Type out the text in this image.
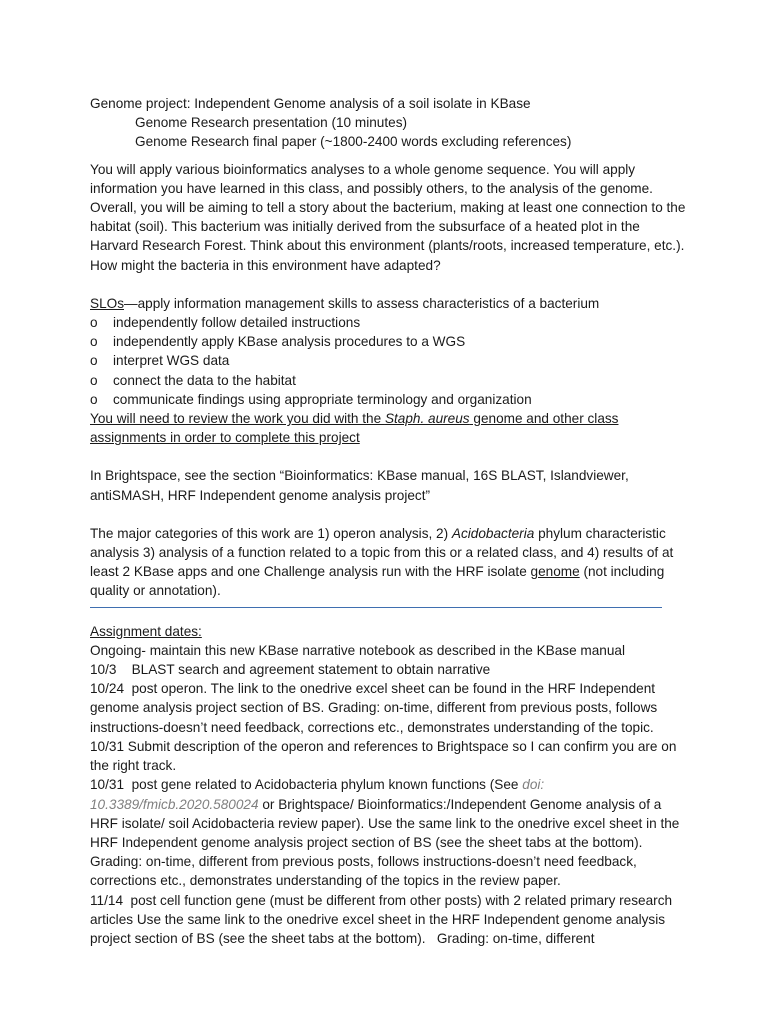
Genome project: Independent Genome analysis of a soil isolate in KBase
Genome Research presentation (10 minutes)
Genome Research final paper (~1800-2400 words excluding references)

You will apply various bioinformatics analyses to a whole genome sequence. You will apply information you have learned in this class, and possibly others, to the analysis of the genome. Overall, you will be aiming to tell a story about the bacterium, making at least one connection to the habitat (soil). This bacterium was initially derived from the subsurface of a heated plot in the Harvard Research Forest. Think about this environment (plants/roots, increased temperature, etc.). How might the bacteria in this environment have adapted?

SLOs—apply information management skills to assess characteristics of a bacterium
o	independently follow detailed instructions
o	independently apply KBase analysis procedures to a WGS
o	interpret WGS data
o	connect the data to the habitat
o	communicate findings using appropriate terminology and organization

You will need to review the work you did with the Staph. aureus genome and other class assignments in order to complete this project

In Brightspace, see the section “Bioinformatics: KBase manual, 16S BLAST, Islandviewer, antiSMASH, HRF Independent genome analysis project”

The major categories of this work are 1) operon analysis, 2) Acidobacteria phylum characteristic analysis 3) analysis of a function related to a topic from this or a related class, and 4) results of at least 2 KBase apps and one Challenge analysis run with the HRF isolate genome (not including quality or annotation).

Assignment dates:

Ongoing- maintain this new KBase narrative notebook as described in the KBase manual

10/3    BLAST search and agreement statement to obtain narrative

10/24  post operon. The link to the onedrive excel sheet can be found in the HRF Independent genome analysis project section of BS. Grading: on-time, different from previous posts, follows instructions-doesn’t need feedback, corrections etc., demonstrates understanding of the topic.

10/31 Submit description of the operon and references to Brightspace so I can confirm you are on the right track.

10/31  post gene related to Acidobacteria phylum known functions (See doi: 10.3389/fmicb.2020.580024 or Brightspace/ Bioinformatics:/Independent Genome analysis of a HRF isolate/ soil Acidobacteria review paper). Use the same link to the onedrive excel sheet in the HRF Independent genome analysis project section of BS (see the sheet tabs at the bottom). Grading: on-time, different from previous posts, follows instructions-doesn’t need feedback, corrections etc., demonstrates understanding of the topics in the review paper.

11/14  post cell function gene (must be different from other posts) with 2 related primary research articles Use the same link to the onedrive excel sheet in the HRF Independent genome analysis project section of BS (see the sheet tabs at the bottom).   Grading: on-time, different
